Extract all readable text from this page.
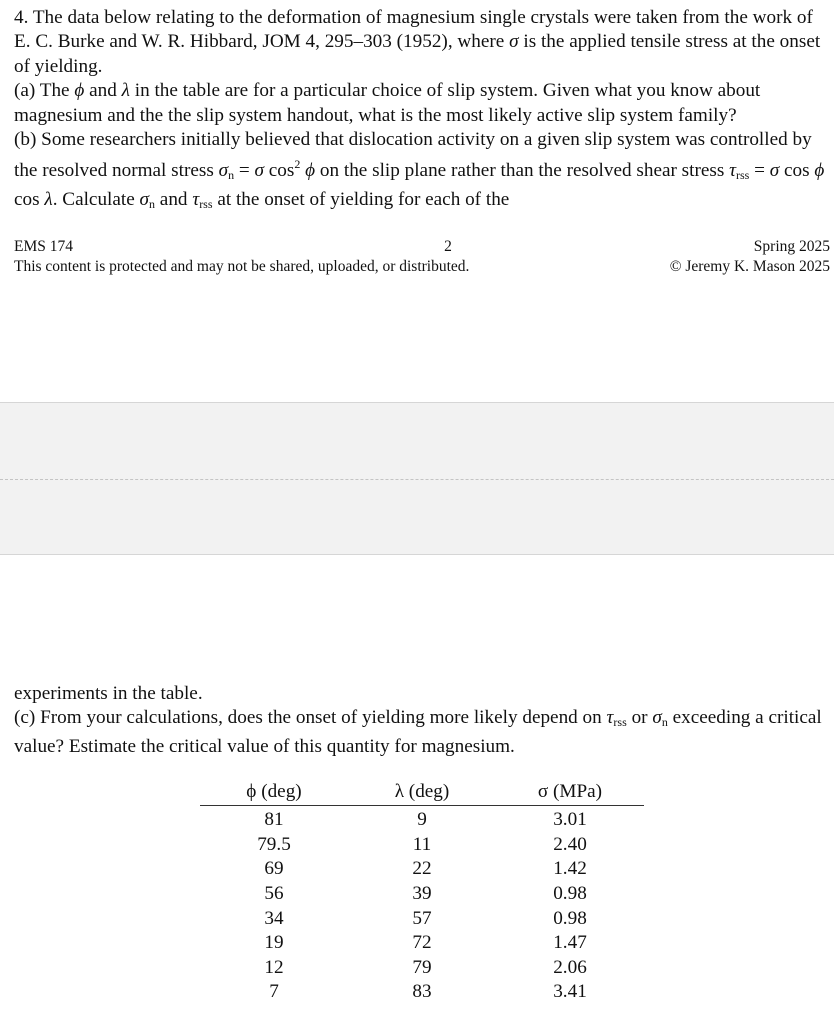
4. The data below relating to the deformation of magnesium single crystals were taken from the work of E. C. Burke and W. R. Hibbard, JOM 4, 295–303 (1952), where σ is the applied tensile stress at the onset of yielding.

(a) The ϕ and λ in the table are for a particular choice of slip system. Given what you know about magnesium and the the slip system handout, what is the most likely active slip system family?

(b) Some researchers initially believed that dislocation activity on a given slip system was controlled by the resolved normal stress $\sigma_n = \sigma$ $\cos^2 \phi$ on the slip plane rather than the resolved shear stress $\tau_{rss} = \sigma$ cos ϕ cos λ. Calculate $\sigma_n$ and $\tau_{rss}$ at the onset of yielding for each of the

EMS 174	2	Spring 2025
This content is protected and may not be shared, uploaded, or distributed.	© Jeremy K. Mason 2025

experiments in the table.

(c) From your calculations, does the onset of yielding more likely depend on $\tau_{rss}$ or $\sigma_n$ exceeding a critical value? Estimate the critical value of this quantity for magnesium.

ϕ (deg)	λ (deg)	σ (MPa)
81	9	3.01
79.5	11	2.40
69	22	1.42
56	39	0.98
34	57	0.98
19	72	1.47
12	79	2.06
7	83	3.41
